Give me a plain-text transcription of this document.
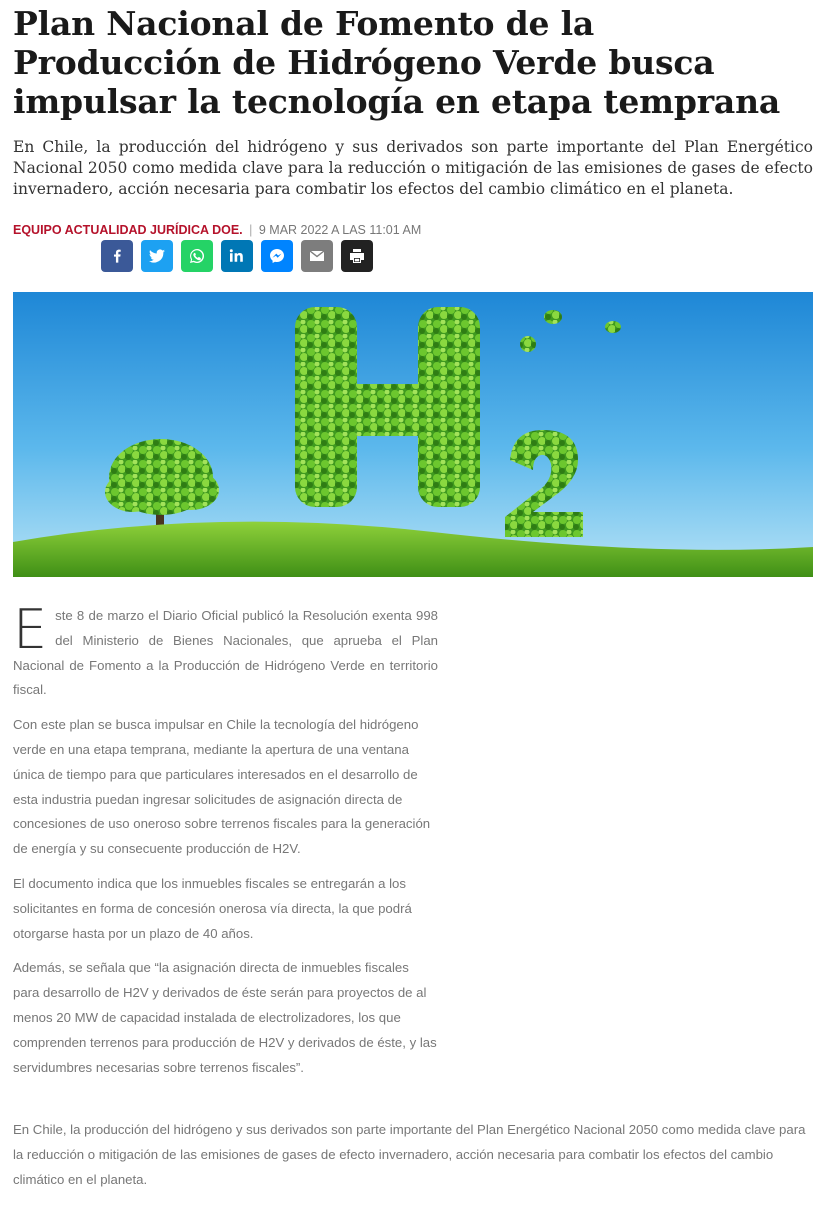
Plan Nacional de Fomento de la Producción de Hidrógeno Verde busca impulsar la tecnología en etapa temprana

En Chile, la producción del hidrógeno y sus derivados son parte importante del Plan Energético Nacional 2050 como medida clave para la reducción o mitigación de las emisiones de gases de efecto invernadero, acción necesaria para combatir los efectos del cambio climático en el planeta.

EQUIPO ACTUALIDAD JURÍDICA DOE. | 9 MAR 2022 A LAS 11:01 AM

Este 8 de marzo el Diario Oficial publicó la Resolución exenta 998 del Ministerio de Bienes Nacionales, que aprueba el Plan Nacional de Fomento a la Producción de Hidrógeno Verde en territorio fiscal.

Con este plan se busca impulsar en Chile la tecnología del hidrógeno verde en una etapa temprana, mediante la apertura de una ventana única de tiempo para que particulares interesados en el desarrollo de esta industria puedan ingresar solicitudes de asignación directa de concesiones de uso oneroso sobre terrenos fiscales para la generación de energía y su consecuente producción de H2V.

El documento indica que los inmuebles fiscales se entregarán a los solicitantes en forma de concesión onerosa vía directa, la que podrá otorgarse hasta por un plazo de 40 años.

Además, se señala que “la asignación directa de inmuebles fiscales para desarrollo de H2V y derivados de éste serán para proyectos de al menos 20 MW de capacidad instalada de electrolizadores, los que comprenden terrenos para producción de H2V y derivados de éste, y las servidumbres necesarias sobre terrenos fiscales”.

En Chile, la producción del hidrógeno y sus derivados son parte importante del Plan Energético Nacional 2050 como medida clave para la reducción o mitigación de las emisiones de gases de efecto invernadero, acción necesaria para combatir los efectos del cambio climático en el planeta.
